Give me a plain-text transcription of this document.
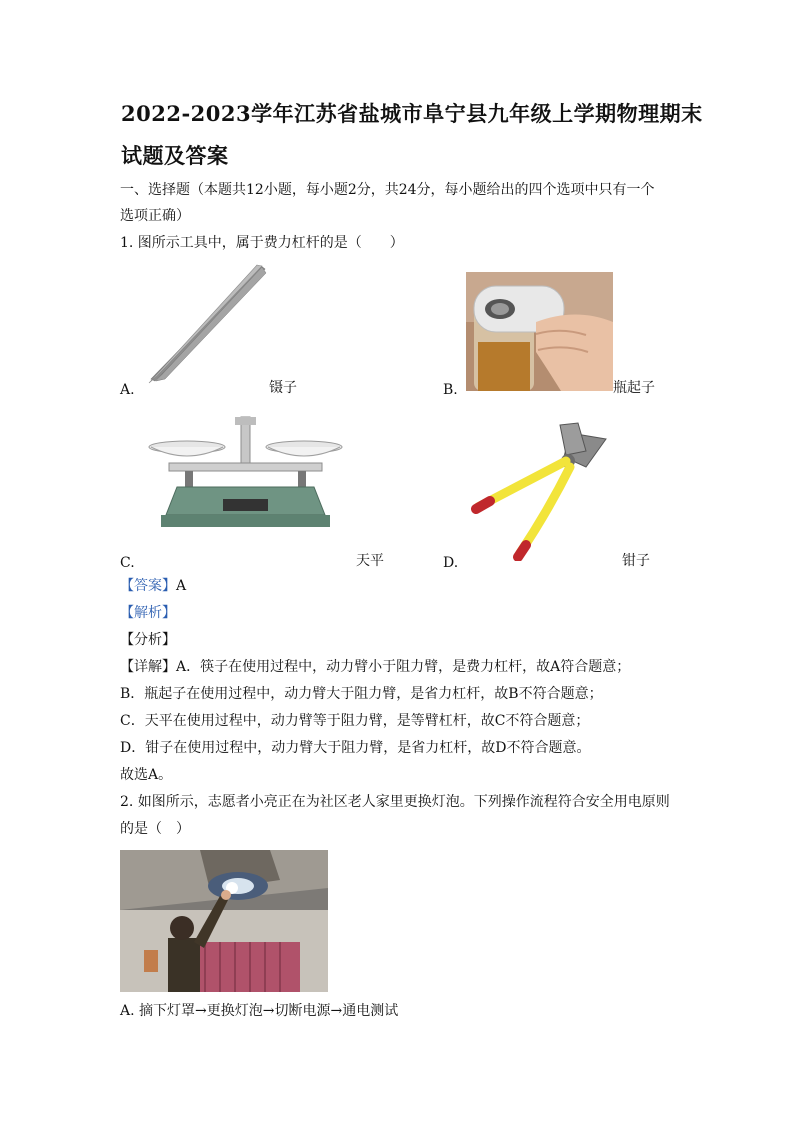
2022-2023学年江苏省盐城市阜宁县九年级上学期物理期末
试题及答案
一、选择题（本题共12小题，每小题2分，共24分，每小题给出的四个选项中只有一个
选项正确）
1. 图所示工具中，属于费力杠杆的是（　　）
A.	镊子	B.	瓶起子
C.	天平	D.	钳子
【答案】A
【解析】
【分析】
【详解】A．筷子在使用过程中，动力臂小于阻力臂，是费力杠杆，故A符合题意；
B．瓶起子在使用过程中，动力臂大于阻力臂，是省力杠杆，故B不符合题意；
C．天平在使用过程中，动力臂等于阻力臂，是等臂杠杆，故C不符合题意；
D．钳子在使用过程中，动力臂大于阻力臂，是省力杠杆，故D不符合题意。
故选A。
2. 如图所示，志愿者小亮正在为社区老人家里更换灯泡。下列操作流程符合安全用电原则
的是（　）
A. 摘下灯罩→更换灯泡→切断电源→通电测试
